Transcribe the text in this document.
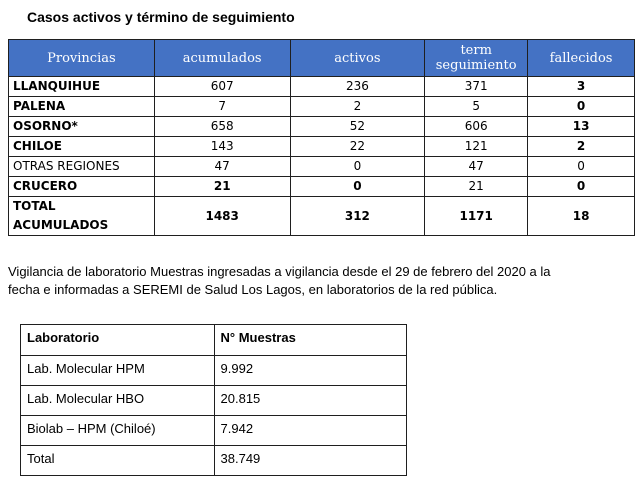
Casos activos y término de seguimiento
Provincias	acumulados	activos	term seguimiento	fallecidos
LLANQUIHUE	607	236	371	3
PALENA	7	2	5	0
OSORNO*	658	52	606	13
CHILOE	143	22	121	2
OTRAS REGIONES	47	0	47	0
CRUCERO	21	0	21	0
TOTAL ACUMULADOS	1483	312	1171	18

Vigilancia de laboratorio Muestras ingresadas a vigilancia desde el 29 de febrero del 2020 a la fecha e informadas a SEREMI de Salud Los Lagos, en laboratorios de la red pública.

Laboratorio	N° Muestras
Lab. Molecular HPM	9.992
Lab. Molecular HBO	20.815
Biolab – HPM (Chiloé)	7.942
Total	38.749
